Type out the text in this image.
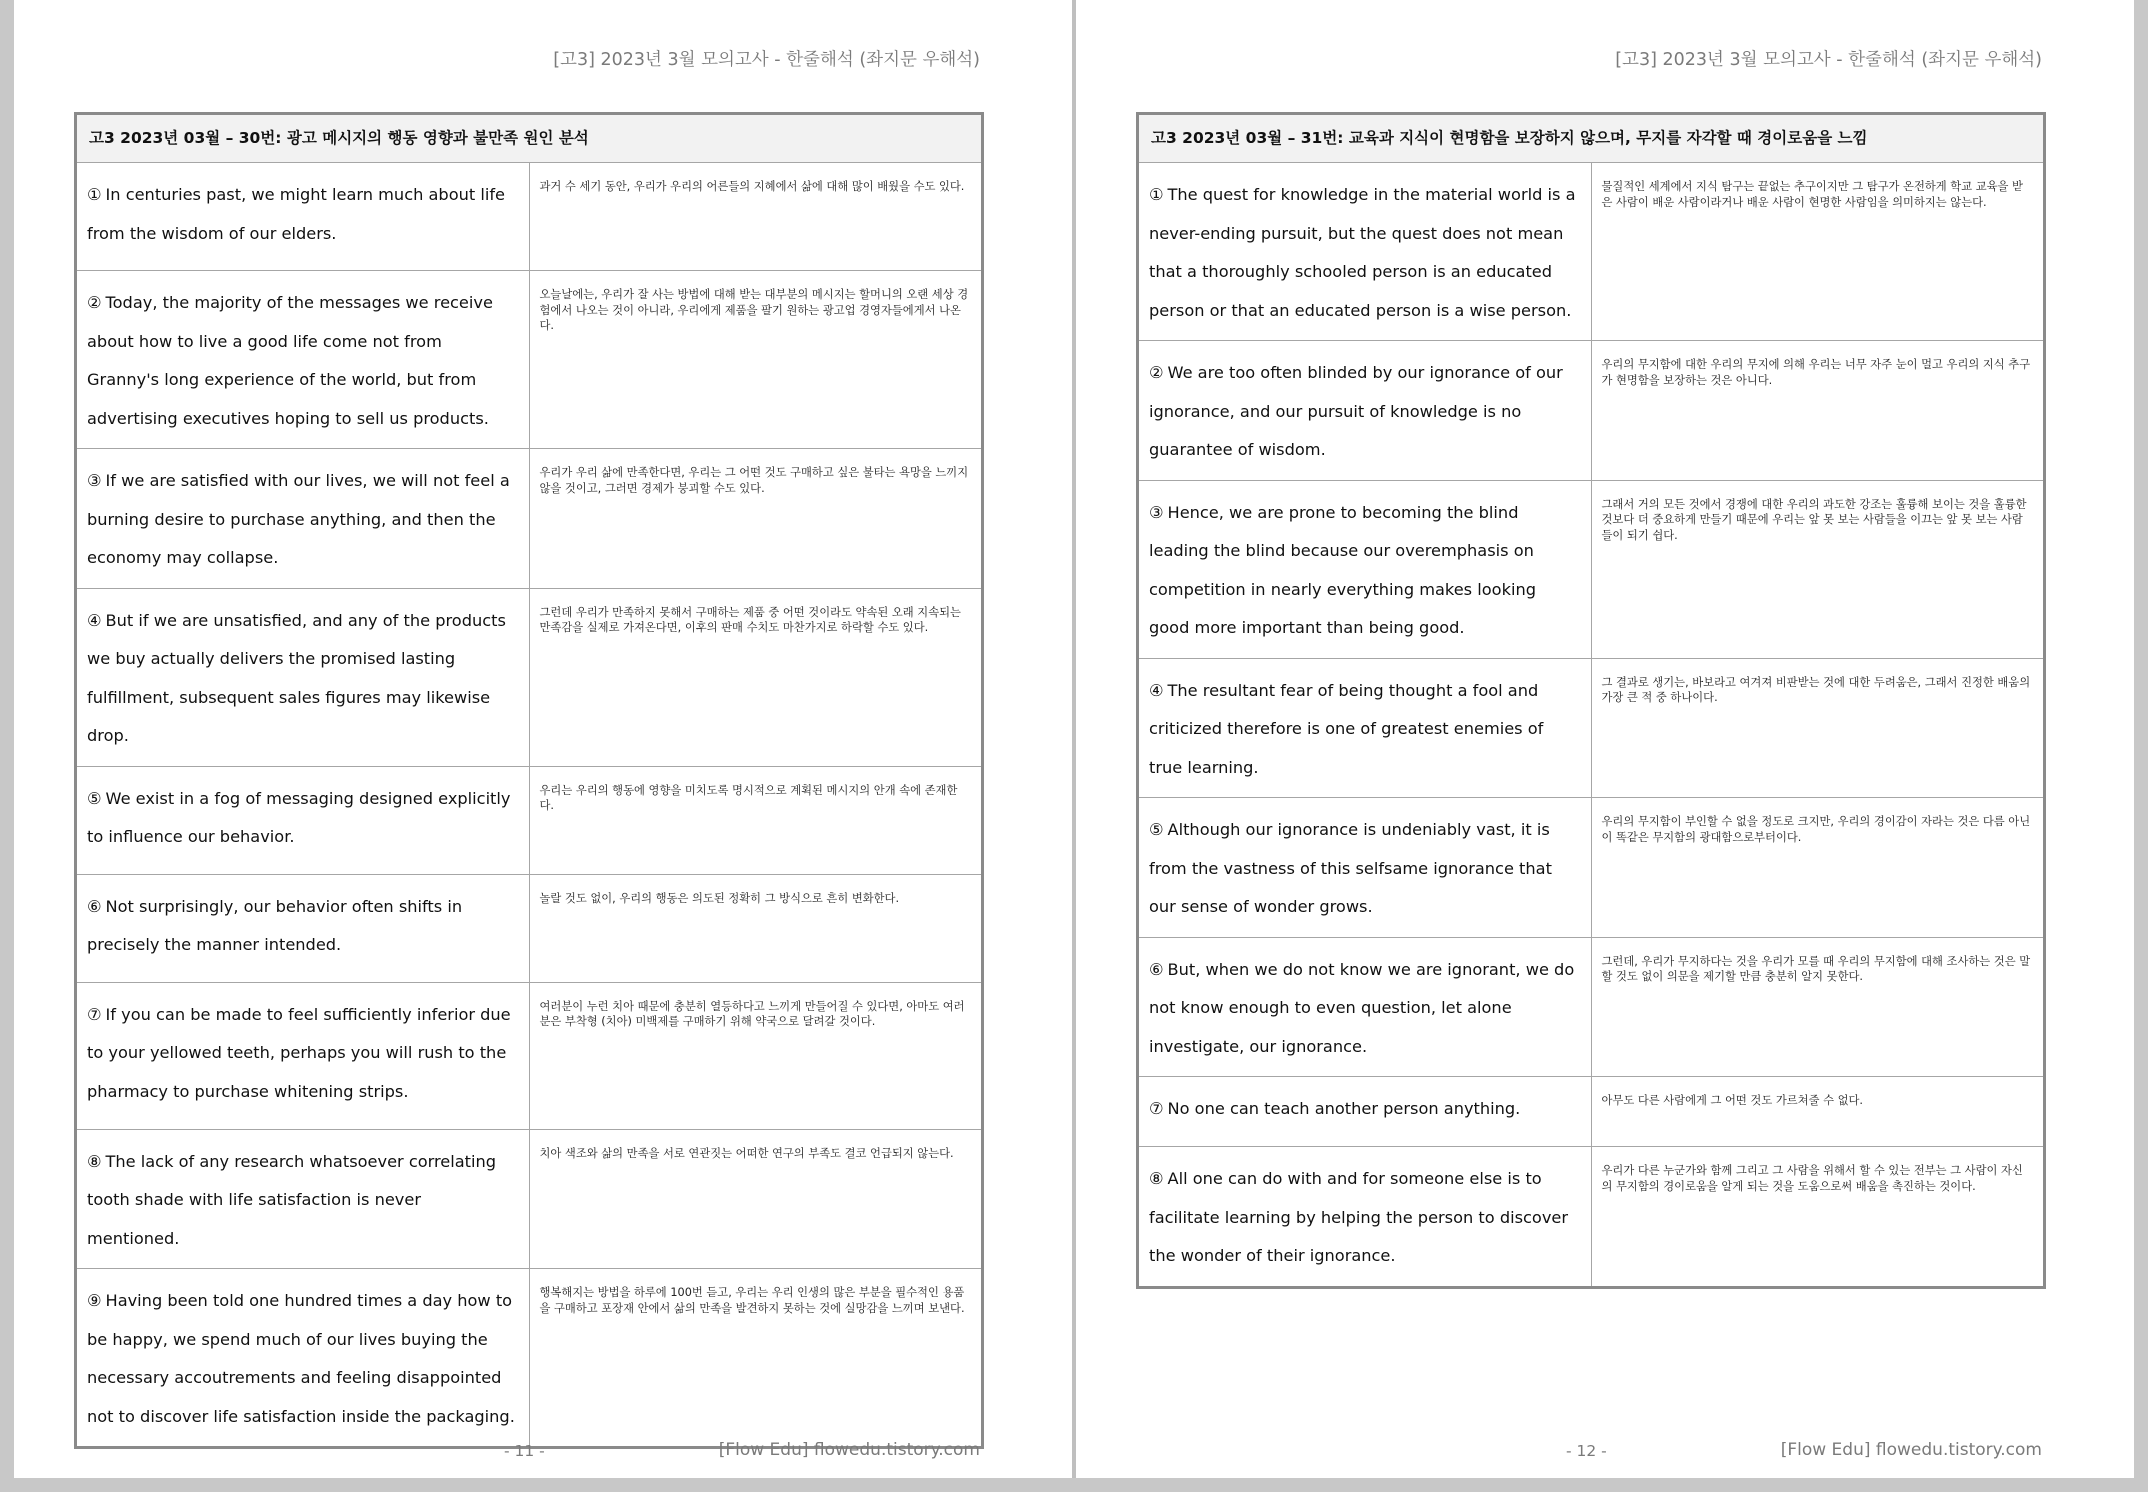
[고3] 2023년 3월 모의고사 - 한줄해석 (좌지문 우해석)
고3 2023년 03월 – 30번: 광고 메시지의 행동 영향과 불만족 원인 분석	
① In centuries past, we might learn much about life from the wisdom of our elders.	과거 수 세기 동안, 우리가 우리의 어른들의 지혜에서 삶에 대해 많이 배웠을 수도 있다.
② Today, the majority of the messages we receive about how to live a good life come not from Granny's long experience of the world, but from advertising executives hoping to sell us products.	오늘날에는, 우리가 잘 사는 방법에 대해 받는 대부분의 메시지는 할머니의 오랜 세상 경험에서 나오는 것이 아니라, 우리에게 제품을 팔기 원하는 광고업 경영자들에게서 나온다.
③ If we are satisfied with our lives, we will not feel a burning desire to purchase anything, and then the economy may collapse.	우리가 우리 삶에 만족한다면, 우리는 그 어떤 것도 구매하고 싶은 불타는 욕망을 느끼지 않을 것이고, 그러면 경제가 붕괴할 수도 있다.
④ But if we are unsatisfied, and any of the products we buy actually delivers the promised lasting fulfillment, subsequent sales figures may likewise drop.	그런데 우리가 만족하지 못해서 구매하는 제품 중 어떤 것이라도 약속된 오래 지속되는 만족감을 실제로 가져온다면, 이후의 판매 수치도 마찬가지로 하락할 수도 있다.
⑤ We exist in a fog of messaging designed explicitly to influence our behavior.	우리는 우리의 행동에 영향을 미치도록 명시적으로 계획된 메시지의 안개 속에 존재한다.
⑥ Not surprisingly, our behavior often shifts in precisely the manner intended.	놀랄 것도 없이, 우리의 행동은 의도된 정확히 그 방식으로 흔히 변화한다.
⑦ If you can be made to feel sufficiently inferior due to your yellowed teeth, perhaps you will rush to the pharmacy to purchase whitening strips.	여러분이 누런 치아 때문에 충분히 열등하다고 느끼게 만들어질 수 있다면, 아마도 여러분은 부착형 (치아) 미백제를 구매하기 위해 약국으로 달려갈 것이다.
⑧ The lack of any research whatsoever correlating tooth shade with life satisfaction is never mentioned.	치아 색조와 삶의 만족을 서로 연관짓는 어떠한 연구의 부족도 결코 언급되지 않는다.
⑨ Having been told one hundred times a day how to be happy, we spend much of our lives buying the necessary accoutrements and feeling disappointed not to discover life satisfaction inside the packaging.	행복해지는 방법을 하루에 100번 듣고, 우리는 우리 인생의 많은 부분을 필수적인 용품을 구매하고 포장재 안에서 삶의 만족을 발견하지 못하는 것에 실망감을 느끼며 보낸다.
- 11 -	[Flow Edu] flowedu.tistory.com
[고3] 2023년 3월 모의고사 - 한줄해석 (좌지문 우해석)
고3 2023년 03월 – 31번: 교육과 지식이 현명함을 보장하지 않으며, 무지를 자각할 때 경이로움을 느낌	
① The quest for knowledge in the material world is a never-ending pursuit, but the quest does not mean that a thoroughly schooled person is an educated person or that an educated person is a wise person.	물질적인 세계에서 지식 탐구는 끝없는 추구이지만 그 탐구가 온전하게 학교 교육을 받은 사람이 배운 사람이라거나 배운 사람이 현명한 사람임을 의미하지는 않는다.
② We are too often blinded by our ignorance of our ignorance, and our pursuit of knowledge is no guarantee of wisdom.	우리의 무지함에 대한 우리의 무지에 의해 우리는 너무 자주 눈이 멀고 우리의 지식 추구가 현명함을 보장하는 것은 아니다.
③ Hence, we are prone to becoming the blind leading the blind because our overemphasis on competition in nearly everything makes looking good more important than being good.	그래서 거의 모든 것에서 경쟁에 대한 우리의 과도한 강조는 훌륭해 보이는 것을 훌륭한 것보다 더 중요하게 만들기 때문에 우리는 앞 못 보는 사람들을 이끄는 앞 못 보는 사람들이 되기 쉽다.
④ The resultant fear of being thought a fool and criticized therefore is one of greatest enemies of true learning.	그 결과로 생기는, 바보라고 여겨져 비판받는 것에 대한 두려움은, 그래서 진정한 배움의 가장 큰 적 중 하나이다.
⑤ Although our ignorance is undeniably vast, it is from the vastness of this selfsame ignorance that our sense of wonder grows.	우리의 무지함이 부인할 수 없을 정도로 크지만, 우리의 경이감이 자라는 것은 다름 아닌 이 똑같은 무지함의 광대함으로부터이다.
⑥ But, when we do not know we are ignorant, we do not know enough to even question, let alone investigate, our ignorance.	그런데, 우리가 무지하다는 것을 우리가 모를 때 우리의 무지함에 대해 조사하는 것은 말할 것도 없이 의문을 제기할 만큼 충분히 알지 못한다.
⑦ No one can teach another person anything.	아무도 다른 사람에게 그 어떤 것도 가르쳐줄 수 없다.
⑧ All one can do with and for someone else is to facilitate learning by helping the person to discover the wonder of their ignorance.	우리가 다른 누군가와 함께 그리고 그 사람을 위해서 할 수 있는 전부는 그 사람이 자신의 무지함의 경이로움을 알게 되는 것을 도움으로써 배움을 촉진하는 것이다.
- 12 -	[Flow Edu] flowedu.tistory.com
